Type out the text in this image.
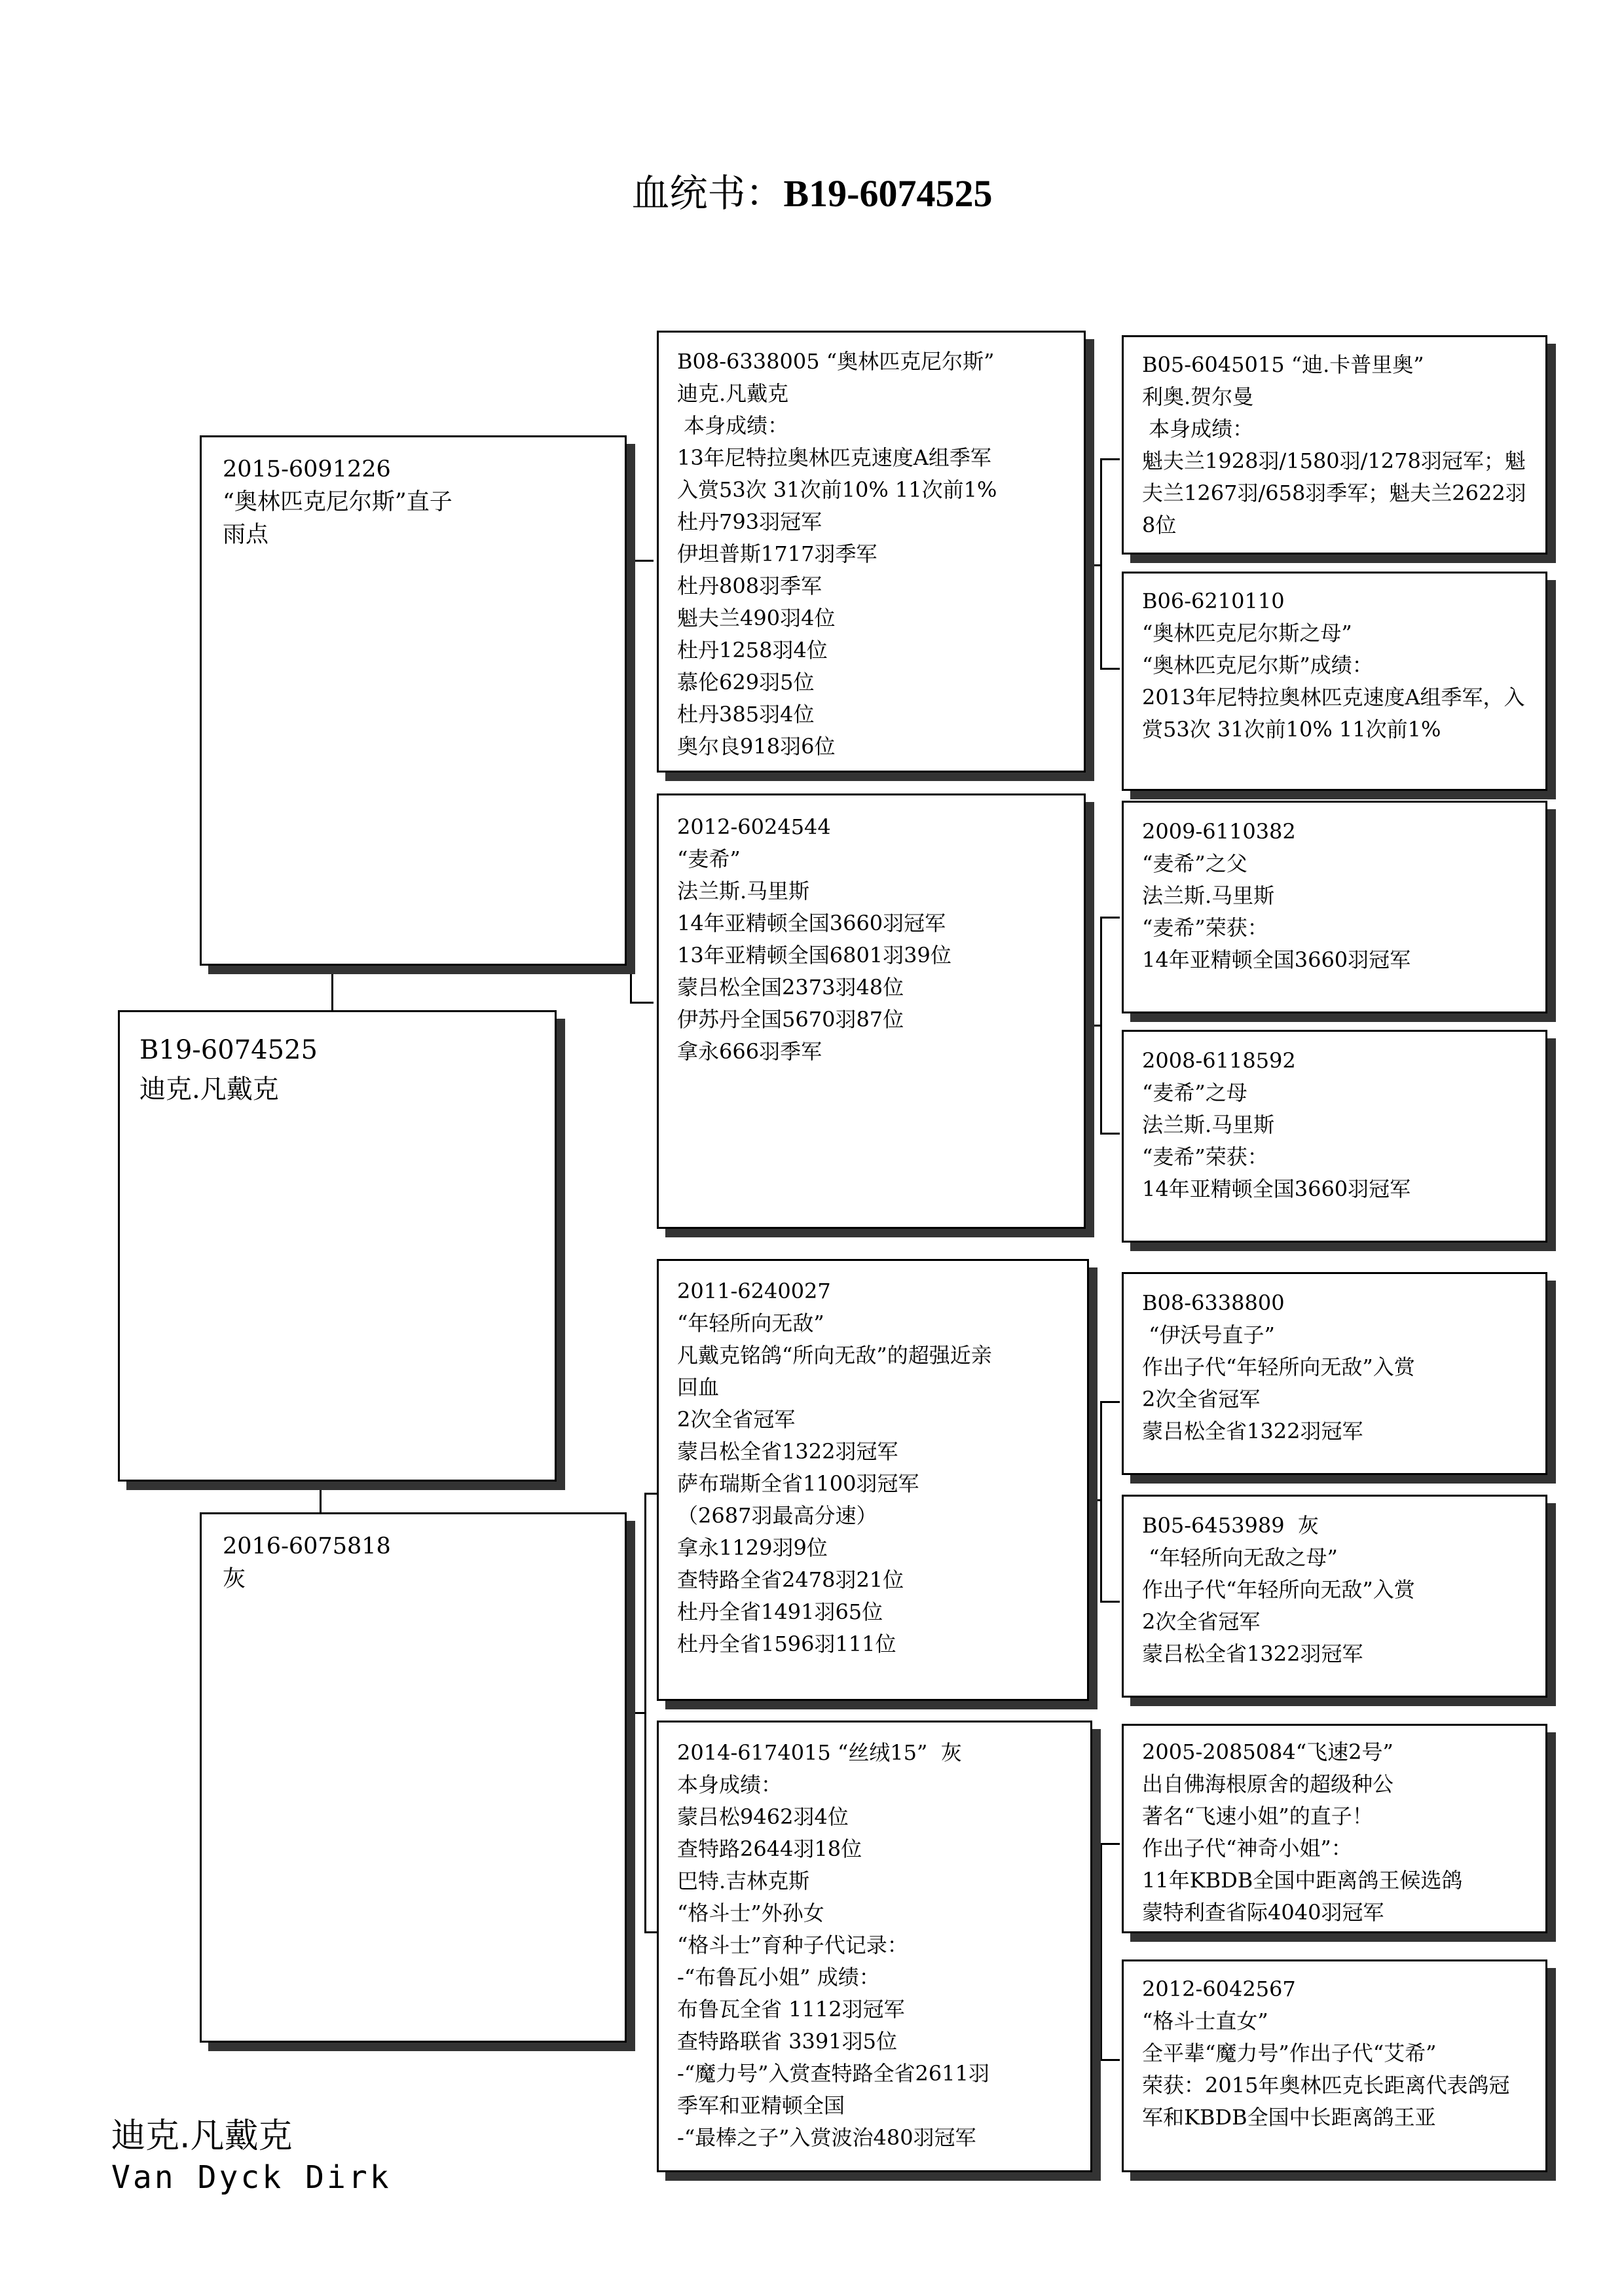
血统书：B19-6074525
B19-6074525
迪克.凡戴克
2015-6091226
“奥林匹克尼尔斯”直子
雨点
2016-6075818
灰
B08-6338005 “奥林匹克尼尔斯”
迪克.凡戴克
本身成绩：
13年尼特拉奥林匹克速度A组季军
入赏53次 31次前10% 11次前1%
杜丹793羽冠军
伊坦普斯1717羽季军
杜丹808羽季军
魁夫兰490羽4位
杜丹1258羽4位
慕伦629羽5位
杜丹385羽4位
奥尔良918羽6位
2012-6024544
“麦希”
法兰斯.马里斯
14年亚精顿全国3660羽冠军
13年亚精顿全国6801羽39位
蒙吕松全国2373羽48位
伊苏丹全国5670羽87位
拿永666羽季军
2011-6240027
“年轻所向无敌”
凡戴克铭鸽“所向无敌”的超强近亲
回血
2次全省冠军
蒙吕松全省1322羽冠军
萨布瑞斯全省1100羽冠军
（2687羽最高分速）
拿永1129羽9位
查特路全省2478羽21位
杜丹全省1491羽65位
杜丹全省1596羽111位
2014-6174015 “丝绒15”  灰
本身成绩：
蒙吕松9462羽4位
查特路2644羽18位
巴特.吉林克斯
“格斗士”外孙女
“格斗士”育种子代记录：
-“布鲁瓦小姐” 成绩：
布鲁瓦全省 1112羽冠军
查特路联省 3391羽5位
-“魔力号”入赏查特路全省2611羽
季军和亚精顿全国
-“最棒之子”入赏波治480羽冠军
B05-6045015 “迪.卡普里奥”
利奥.贺尔曼
本身成绩：
魁夫兰1928羽/1580羽/1278羽冠军；魁夫兰1267羽/658羽季军；魁夫兰2622羽8位
B06-6210110
“奥林匹克尼尔斯之母”
“奥林匹克尼尔斯”成绩：
2013年尼特拉奥林匹克速度A组季军，入赏53次 31次前10% 11次前1%
2009-6110382
“麦希”之父
法兰斯.马里斯
“麦希”荣获：
14年亚精顿全国3660羽冠军
2008-6118592
“麦希”之母
法兰斯.马里斯
“麦希”荣获：
14年亚精顿全国3660羽冠军
B08-6338800
“伊沃号直子”
作出子代“年轻所向无敌”入赏
2次全省冠军
蒙吕松全省1322羽冠军
B05-6453989  灰
“年轻所向无敌之母”
作出子代“年轻所向无敌”入赏
2次全省冠军
蒙吕松全省1322羽冠军
2005-2085084“飞速2号”
出自佛海根原舍的超级种公
著名“飞速小姐”的直子！
作出子代“神奇小姐”：
11年KBDB全国中距离鸽王候选鸽
蒙特利查省际4040羽冠军
2012-6042567
“格斗士直女”
全平辈“魔力号”作出子代“艾希”
荣获：2015年奥林匹克长距离代表鸽冠军和KBDB全国中长距离鸽王亚
迪克.凡戴克
Van Dyck Dirk
